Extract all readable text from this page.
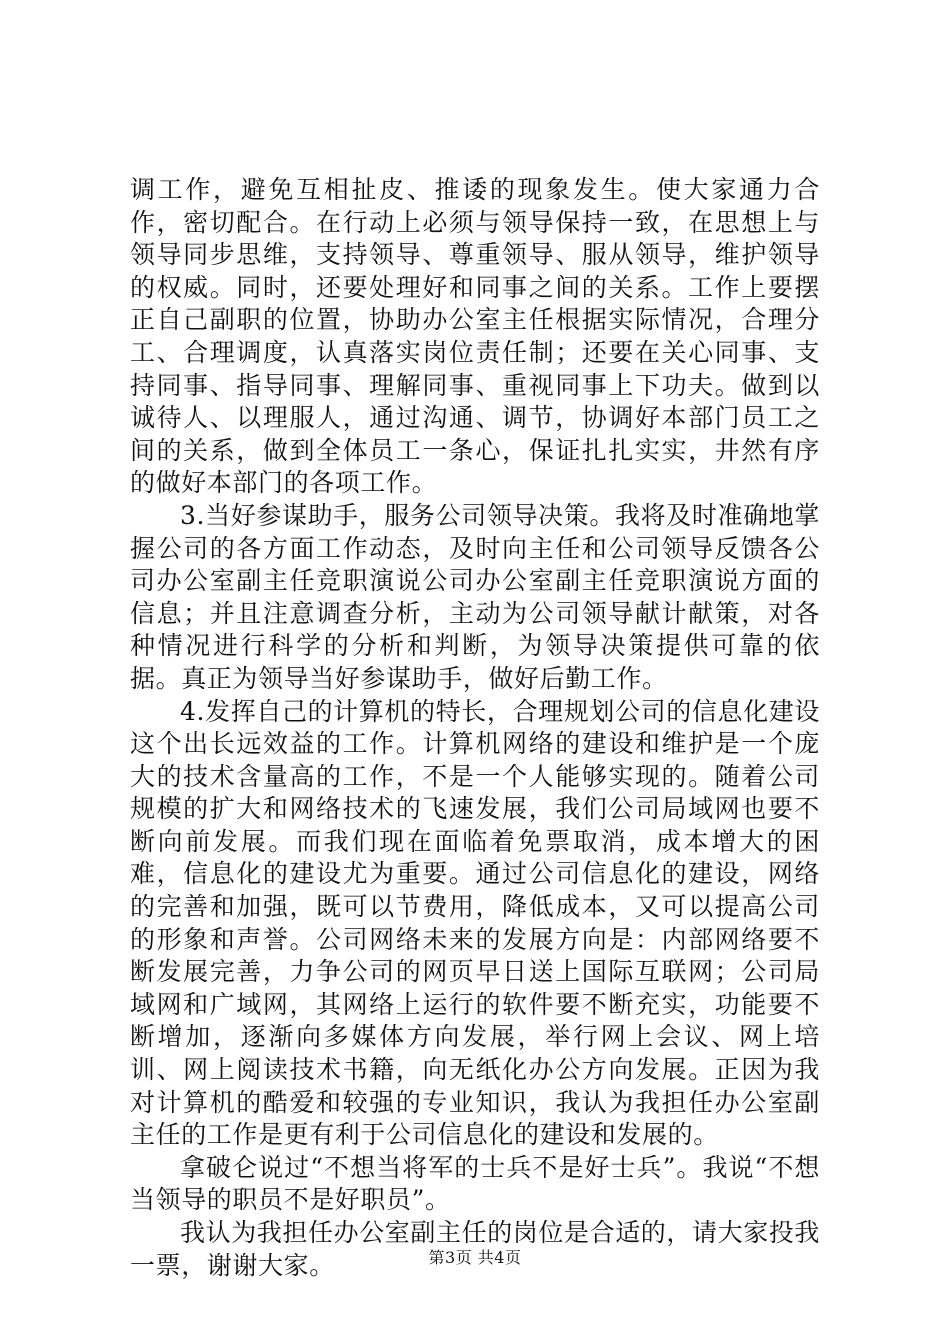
调工作，避免互相扯皮、推诿的现象发生。使大家通力合作，密切配合。在行动上必须与领导保持一致，在思想上与领导同步思维，支持领导、尊重领导、服从领导，维护领导的权威。同时，还要处理好和同事之间的关系。工作上要摆正自己副职的位置，协助办公室主任根据实际情况，合理分工、合理调度，认真落实岗位责任制；还要在关心同事、支持同事、指导同事、理解同事、重视同事上下功夫。做到以诚待人、以理服人，通过沟通、调节，协调好本部门员工之间的关系，做到全体员工一条心，保证扎扎实实，井然有序的做好本部门的各项工作。

3.当好参谋助手，服务公司领导决策。我将及时准确地掌握公司的各方面工作动态，及时向主任和公司领导反馈各公司办公室副主任竞职演说公司办公室副主任竞职演说方面的信息；并且注意调查分析，主动为公司领导献计献策，对各种情况进行科学的分析和判断，为领导决策提供可靠的依据。真正为领导当好参谋助手，做好后勤工作。

4.发挥自己的计算机的特长，合理规划公司的信息化建设这个出长远效益的工作。计算机网络的建设和维护是一个庞大的技术含量高的工作，不是一个人能够实现的。随着公司规模的扩大和网络技术的飞速发展，我们公司局域网也要不断向前发展。而我们现在面临着免票取消，成本增大的困难，信息化的建设尤为重要。通过公司信息化的建设，网络的完善和加强，既可以节费用，降低成本，又可以提高公司的形象和声誉。公司网络未来的发展方向是：内部网络要不断发展完善，力争公司的网页早日送上国际互联网；公司局域网和广域网，其网络上运行的软件要不断充实，功能要不断增加，逐渐向多媒体方向发展，举行网上会议、网上培训、网上阅读技术书籍，向无纸化办公方向发展。正因为我对计算机的酷爱和较强的专业知识，我认为我担任办公室副主任的工作是更有利于公司信息化的建设和发展的。

拿破仑说过“不想当将军的士兵不是好士兵”。我说“不想当领导的职员不是好职员”。

我认为我担任办公室副主任的岗位是合适的，请大家投我一票，谢谢大家。	第3页 共4页
